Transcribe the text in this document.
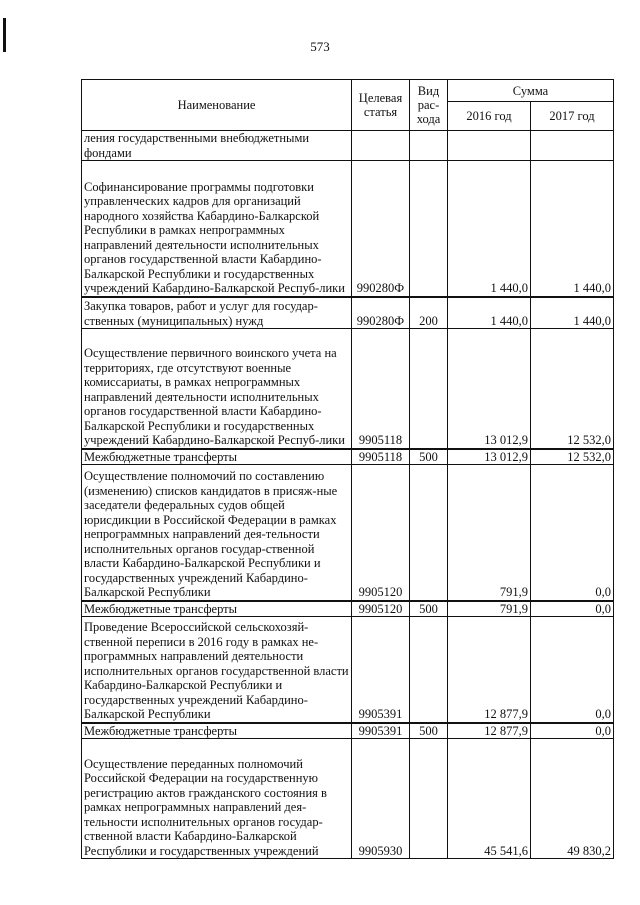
573
Наименование	Целевая статья	Вид
рас-
хода	Сумма	
			2016 год	2017 год
ления государственными внебюджетными фондами				
Софинансирование программы подготовки управленческих кадров для организаций народного хозяйства Кабардино-Балкарской Республики в рамках непрограммных направлений деятельности исполнительных органов государственной власти Кабардино-Балкарской Республики и государственных учреждений Кабардино-Балкарской Респуб-лики	990280Ф		1 440,0	1 440,0
Закупка товаров, работ и услуг для государ-ственных (муниципальных) нужд	990280Ф	200	1 440,0	1 440,0
Осуществление первичного воинского учета на территориях, где отсутствуют военные комиссариаты, в рамках непрограммных направлений деятельности исполнительных органов государственной власти Кабардино-Балкарской Республики и государственных учреждений Кабардино-Балкарской Респуб-лики	9905118		13 012,9	12 532,0
Межбюджетные трансферты	9905118	500	13 012,9	12 532,0
Осуществление полномочий по составлению (изменению) списков кандидатов в присяж-ные заседатели федеральных судов общей юрисдикции в Российской Федерации в рамках непрограммных направлений дея-тельности исполнительных органов государ-ственной власти Кабардино-Балкарской Республики и государственных учреждений Кабардино-Балкарской Республики	9905120		791,9	0,0
Межбюджетные трансферты	9905120	500	791,9	0,0
Проведение Всероссийской сельскохозяй-ственной переписи в 2016 году в рамках не-программных направлений деятельности исполнительных органов государственной власти Кабардино-Балкарской Республики и государственных учреждений Кабардино-Балкарской Республики	9905391		12 877,9	0,0
Межбюджетные трансферты	9905391	500	12 877,9	0,0
Осуществление переданных полномочий Российской Федерации на государственную регистрацию актов гражданского состояния в рамках непрограммных направлений дея-тельности исполнительных органов государ-ственной власти Кабардино-Балкарской Республики и государственных учреждений	9905930		45 541,6	49 830,2
